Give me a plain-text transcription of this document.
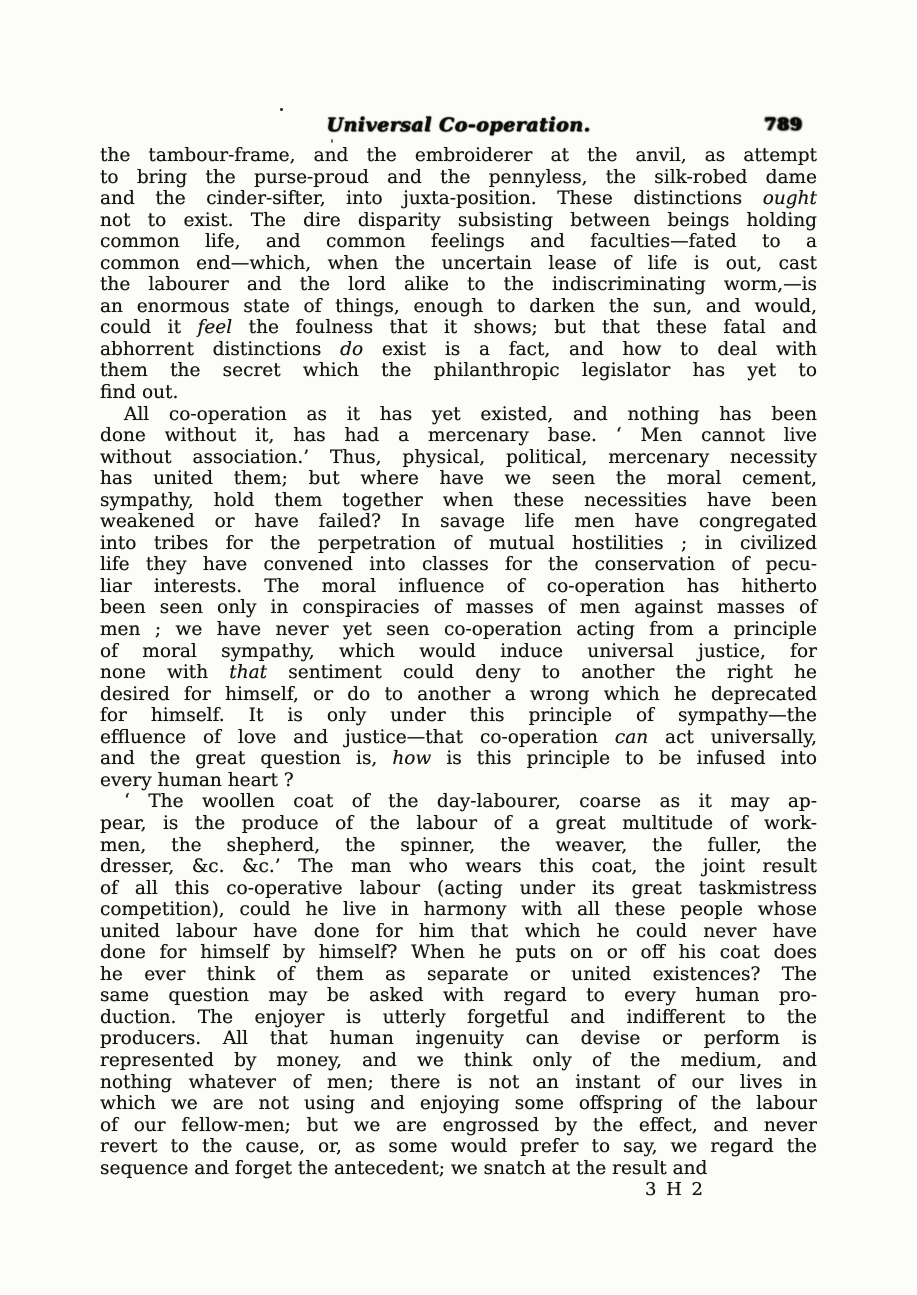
Universal Co-operation.	789
the tambour-frame, and the embroiderer at the anvil, as attempt
to bring the purse-proud and the pennyless, the silk-robed dame
and the cinder-sifter, into juxta-position. These distinctions ought
not to exist. The dire disparity subsisting between beings holding
common life, and common feelings and faculties—fated to a
common end—which, when the uncertain lease of life is out, cast
the labourer and the lord alike to the indiscriminating worm,—is
an enormous state of things, enough to darken the sun, and would,
could it feel the foulness that it shows; but that these fatal and
abhorrent distinctions do exist is a fact, and how to deal with
them the secret which the philanthropic legislator has yet to
find out.
All co-operation as it has yet existed, and nothing has been
done without it, has had a mercenary base. ‘ Men cannot live
without association.’ Thus, physical, political, mercenary necessity
has united them; but where have we seen the moral cement,
sympathy, hold them together when these necessities have been
weakened or have failed? In savage life men have congregated
into tribes for the perpetration of mutual hostilities ; in civilized
life they have convened into classes for the conservation of pecu-
liar interests. The moral influence of co-operation has hitherto
been seen only in conspiracies of masses of men against masses of
men ; we have never yet seen co-operation acting from a principle
of moral sympathy, which would induce universal justice, for
none with that sentiment could deny to another the right he
desired for himself, or do to another a wrong which he deprecated
for himself. It is only under this principle of sympathy—the
effluence of love and justice—that co-operation can act universally,
and the great question is, how is this principle to be infused into
every human heart ?
‘ The woollen coat of the day-labourer, coarse as it may ap-
pear, is the produce of the labour of a great multitude of work-
men, the shepherd, the spinner, the weaver, the fuller, the
dresser, &c. &c.’ The man who wears this coat, the joint result
of all this co-operative labour (acting under its great taskmistress
competition), could he live in harmony with all these people whose
united labour have done for him that which he could never have
done for himself by himself? When he puts on or off his coat does
he ever think of them as separate or united existences? The
same question may be asked with regard to every human pro-
duction. The enjoyer is utterly forgetful and indifferent to the
producers. All that human ingenuity can devise or perform is
represented by money, and we think only of the medium, and
nothing whatever of men; there is not an instant of our lives in
which we are not using and enjoying some offspring of the labour
of our fellow-men; but we are engrossed by the effect, and never
revert to the cause, or, as some would prefer to say, we regard the
sequence and forget the antecedent; we snatch at the result and
3 H 2
